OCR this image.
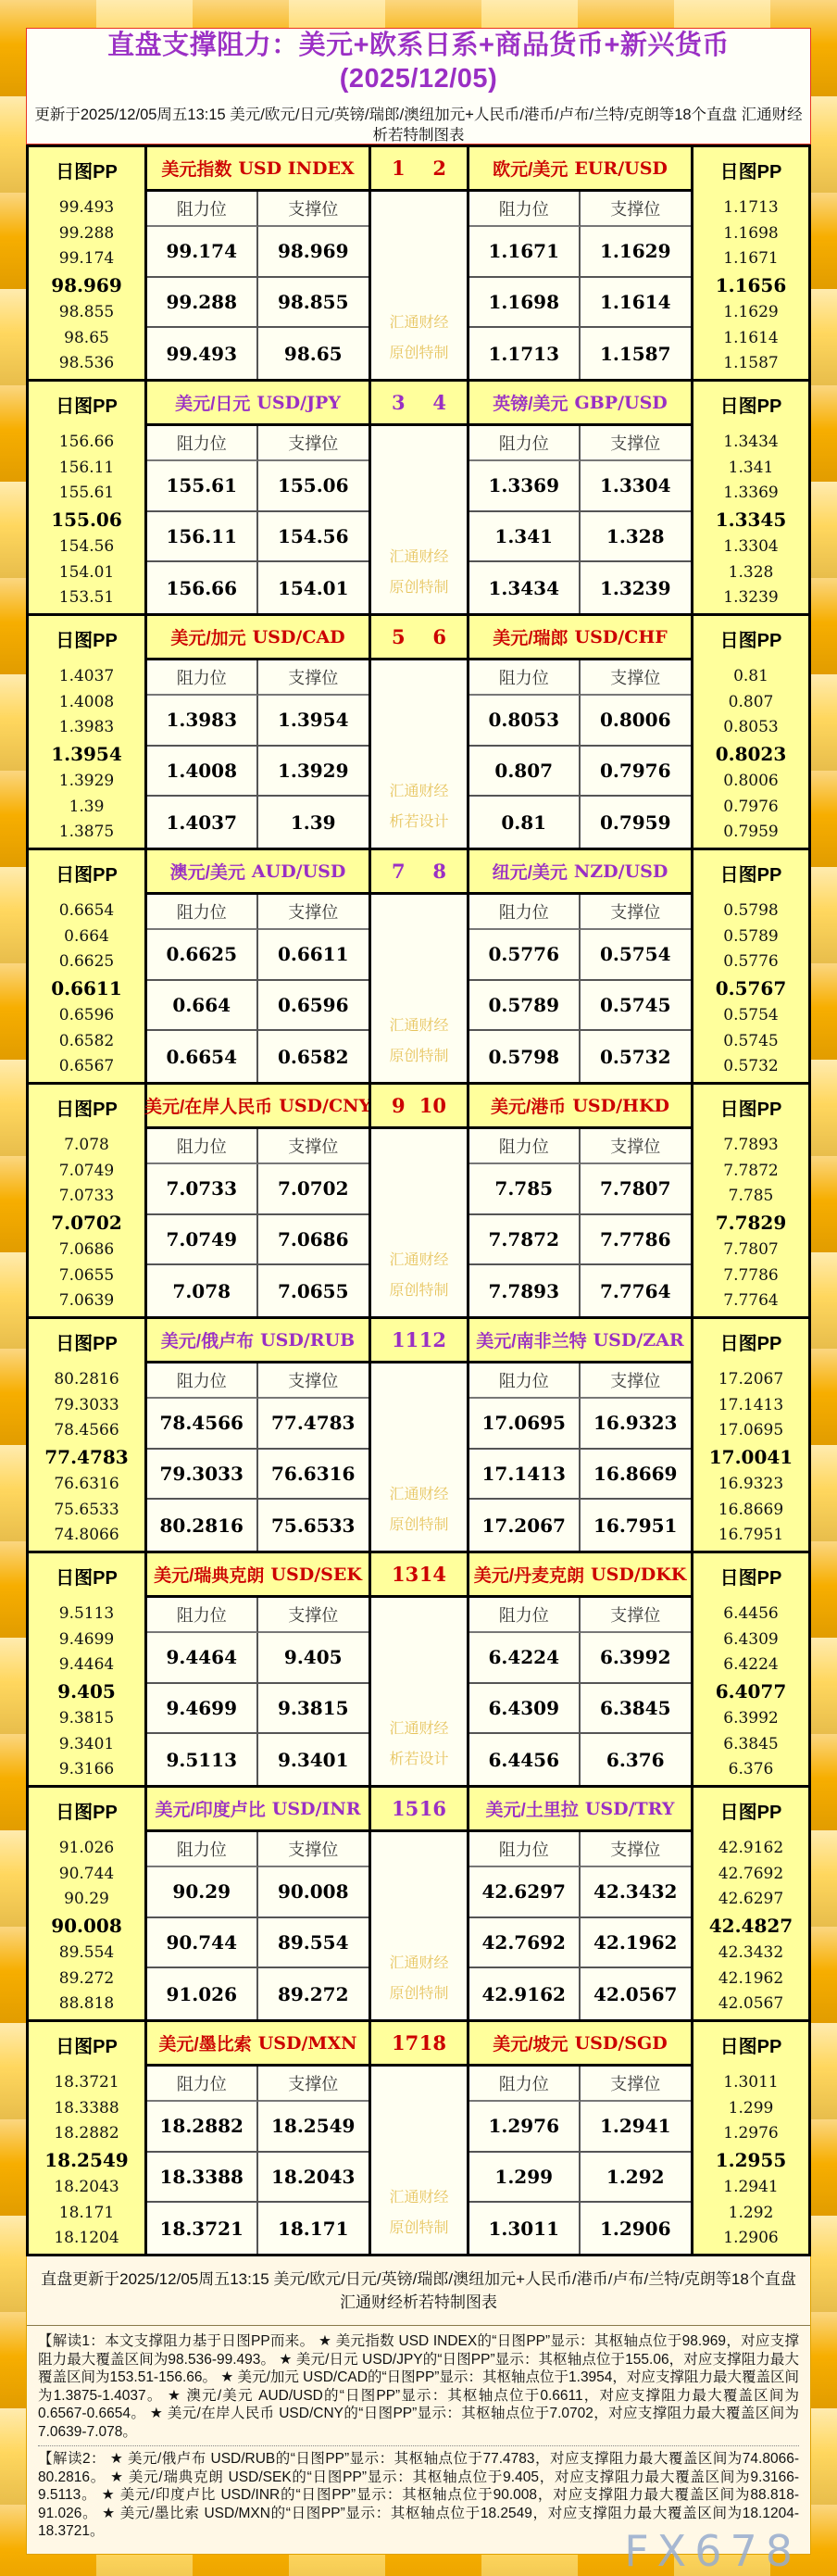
直盘支撑阻力：美元+欧系日系+商品货币+新兴货币(2025/12/05)
更新于2025/12/05周五13:15 美元/欧元/日元/英镑/瑞郎/澳纽加元+人民币/港币/卢布/兰特/克朗等18个直盘 汇通财经析若特制图表
日图PP
99.493
99.288
99.174
98.969
98.855
98.65
98.536
美元指数 USD INDEX
阻力位	支撑位
99.174	98.969
99.288	98.855
99.493	98.65
1 2
汇通财经
原创特制
欧元/美元 EUR/USD
阻力位	支撑位
1.1671	1.1629
1.1698	1.1614
1.1713	1.1587
日图PP
1.1713
1.1698
1.1671
1.1656
1.1629
1.1614
1.1587
日图PP
156.66
156.11
155.61
155.06
154.56
154.01
153.51
美元/日元 USD/JPY
阻力位	支撑位
155.61	155.06
156.11	154.56
156.66	154.01
3 4
汇通财经
原创特制
英镑/美元 GBP/USD
阻力位	支撑位
1.3369	1.3304
1.341	1.328
1.3434	1.3239
日图PP
1.3434
1.341
1.3369
1.3345
1.3304
1.328
1.3239
日图PP
1.4037
1.4008
1.3983
1.3954
1.3929
1.39
1.3875
美元/加元 USD/CAD
阻力位	支撑位
1.3983	1.3954
1.4008	1.3929
1.4037	1.39
5 6
汇通财经
析若设计
美元/瑞郎 USD/CHF
阻力位	支撑位
0.8053	0.8006
0.807	0.7976
0.81	0.7959
日图PP
0.81
0.807
0.8053
0.8023
0.8006
0.7976
0.7959
日图PP
0.6654
0.664
0.6625
0.6611
0.6596
0.6582
0.6567
澳元/美元 AUD/USD
阻力位	支撑位
0.6625	0.6611
0.664	0.6596
0.6654	0.6582
7 8
汇通财经
原创特制
纽元/美元 NZD/USD
阻力位	支撑位
0.5776	0.5754
0.5789	0.5745
0.5798	0.5732
日图PP
0.5798
0.5789
0.5776
0.5767
0.5754
0.5745
0.5732
日图PP
7.078
7.0749
7.0733
7.0702
7.0686
7.0655
7.0639
美元/在岸人民币 USD/CNY
阻力位	支撑位
7.0733	7.0702
7.0749	7.0686
7.078	7.0655
9 10
汇通财经
原创特制
美元/港币 USD/HKD
阻力位	支撑位
7.785	7.7807
7.7872	7.7786
7.7893	7.7764
日图PP
7.7893
7.7872
7.785
7.7829
7.7807
7.7786
7.7764
日图PP
80.2816
79.3033
78.4566
77.4783
76.6316
75.6533
74.8066
美元/俄卢布 USD/RUB
阻力位	支撑位
78.4566	77.4783
79.3033	76.6316
80.2816	75.6533
11 12
汇通财经
原创特制
美元/南非兰特 USD/ZAR
阻力位	支撑位
17.0695	16.9323
17.1413	16.8669
17.2067	16.7951
日图PP
17.2067
17.1413
17.0695
17.0041
16.9323
16.8669
16.7951
日图PP
9.5113
9.4699
9.4464
9.405
9.3815
9.3401
9.3166
美元/瑞典克朗 USD/SEK
阻力位	支撑位
9.4464	9.405
9.4699	9.3815
9.5113	9.3401
13 14
汇通财经
析若设计
美元/丹麦克朗 USD/DKK
阻力位	支撑位
6.4224	6.3992
6.4309	6.3845
6.4456	6.376
日图PP
6.4456
6.4309
6.4224
6.4077
6.3992
6.3845
6.376
日图PP
91.026
90.744
90.29
90.008
89.554
89.272
88.818
美元/印度卢比 USD/INR
阻力位	支撑位
90.29	90.008
90.744	89.554
91.026	89.272
15 16
汇通财经
原创特制
美元/土里拉 USD/TRY
阻力位	支撑位
42.6297	42.3432
42.7692	42.1962
42.9162	42.0567
日图PP
42.9162
42.7692
42.6297
42.4827
42.3432
42.1962
42.0567
日图PP
18.3721
18.3388
18.2882
18.2549
18.2043
18.171
18.1204
美元/墨比索 USD/MXN
阻力位	支撑位
18.2882	18.2549
18.3388	18.2043
18.3721	18.171
17 18
汇通财经
原创特制
美元/坡元 USD/SGD
阻力位	支撑位
1.2976	1.2941
1.299	1.292
1.3011	1.2906
日图PP
1.3011
1.299
1.2976
1.2955
1.2941
1.292
1.2906
直盘更新于2025/12/05周五13:15 美元/欧元/日元/英镑/瑞郎/澳纽加元+人民币/港币/卢布/兰特/克朗等18个直盘 汇通财经析若特制图表

【解读1：本文支撑阻力基于日图PP而来。 ★ 美元指数 USD INDEX的“日图PP”显示：其枢轴点位于98.969，对应支撑阻力最大覆盖区间为98.536-99.493。 ★ 美元/日元 USD/JPY的“日图PP”显示：其枢轴点位于155.06，对应支撑阻力最大覆盖区间为153.51-156.66。 ★ 美元/加元 USD/CAD的“日图PP”显示：其枢轴点位于1.3954，对应支撑阻力最大覆盖区间为1.3875-1.4037。 ★ 澳元/美元 AUD/USD的“日图PP”显示：其枢轴点位于0.6611，对应支撑阻力最大覆盖区间为0.6567-0.6654。 ★ 美元/在岸人民币 USD/CNY的“日图PP”显示：其枢轴点位于7.0702，对应支撑阻力最大覆盖区间为7.0639-7.078。

【解读2： ★ 美元/俄卢布 USD/RUB的“日图PP”显示：其枢轴点位于77.4783，对应支撑阻力最大覆盖区间为74.8066-80.2816。 ★ 美元/瑞典克朗 USD/SEK的“日图PP”显示：其枢轴点位于9.405，对应支撑阻力最大覆盖区间为9.3166-9.5113。 ★ 美元/印度卢比 USD/INR的“日图PP”显示：其枢轴点位于90.008，对应支撑阻力最大覆盖区间为88.818-91.026。 ★ 美元/墨比索 USD/MXN的“日图PP”显示：其枢轴点位于18.2549，对应支撑阻力最大覆盖区间为18.1204-18.3721。	FX678
